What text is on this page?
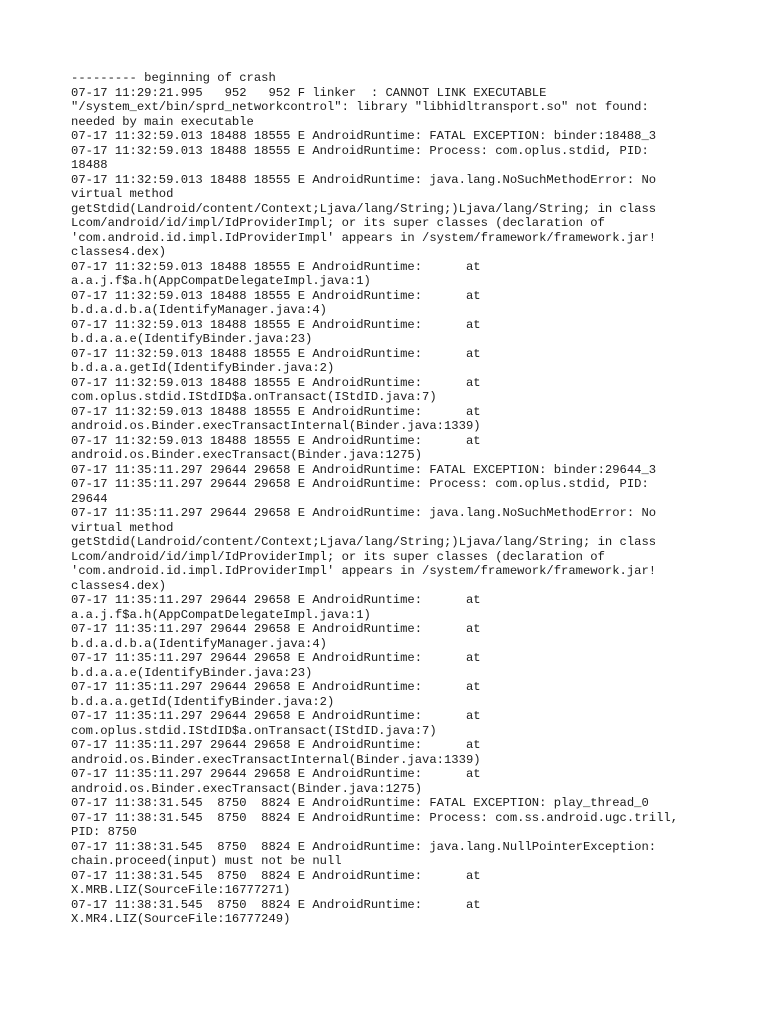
--------- beginning of crash
07-17 11:29:21.995   952   952 F linker  : CANNOT LINK EXECUTABLE
"/system_ext/bin/sprd_networkcontrol": library "libhidltransport.so" not found:
needed by main executable
07-17 11:32:59.013 18488 18555 E AndroidRuntime: FATAL EXCEPTION: binder:18488_3
07-17 11:32:59.013 18488 18555 E AndroidRuntime: Process: com.oplus.stdid, PID:
18488
07-17 11:32:59.013 18488 18555 E AndroidRuntime: java.lang.NoSuchMethodError: No
virtual method
getStdid(Landroid/content/Context;Ljava/lang/String;)Ljava/lang/String; in class
Lcom/android/id/impl/IdProviderImpl; or its super classes (declaration of
'com.android.id.impl.IdProviderImpl' appears in /system/framework/framework.jar!
classes4.dex)
07-17 11:32:59.013 18488 18555 E AndroidRuntime:      at
a.a.j.f$a.h(AppCompatDelegateImpl.java:1)
07-17 11:32:59.013 18488 18555 E AndroidRuntime:      at
b.d.a.d.b.a(IdentifyManager.java:4)
07-17 11:32:59.013 18488 18555 E AndroidRuntime:      at
b.d.a.a.e(IdentifyBinder.java:23)
07-17 11:32:59.013 18488 18555 E AndroidRuntime:      at
b.d.a.a.getId(IdentifyBinder.java:2)
07-17 11:32:59.013 18488 18555 E AndroidRuntime:      at
com.oplus.stdid.IStdID$a.onTransact(IStdID.java:7)
07-17 11:32:59.013 18488 18555 E AndroidRuntime:      at
android.os.Binder.execTransactInternal(Binder.java:1339)
07-17 11:32:59.013 18488 18555 E AndroidRuntime:      at
android.os.Binder.execTransact(Binder.java:1275)
07-17 11:35:11.297 29644 29658 E AndroidRuntime: FATAL EXCEPTION: binder:29644_3
07-17 11:35:11.297 29644 29658 E AndroidRuntime: Process: com.oplus.stdid, PID:
29644
07-17 11:35:11.297 29644 29658 E AndroidRuntime: java.lang.NoSuchMethodError: No
virtual method
getStdid(Landroid/content/Context;Ljava/lang/String;)Ljava/lang/String; in class
Lcom/android/id/impl/IdProviderImpl; or its super classes (declaration of
'com.android.id.impl.IdProviderImpl' appears in /system/framework/framework.jar!
classes4.dex)
07-17 11:35:11.297 29644 29658 E AndroidRuntime:      at
a.a.j.f$a.h(AppCompatDelegateImpl.java:1)
07-17 11:35:11.297 29644 29658 E AndroidRuntime:      at
b.d.a.d.b.a(IdentifyManager.java:4)
07-17 11:35:11.297 29644 29658 E AndroidRuntime:      at
b.d.a.a.e(IdentifyBinder.java:23)
07-17 11:35:11.297 29644 29658 E AndroidRuntime:      at
b.d.a.a.getId(IdentifyBinder.java:2)
07-17 11:35:11.297 29644 29658 E AndroidRuntime:      at
com.oplus.stdid.IStdID$a.onTransact(IStdID.java:7)
07-17 11:35:11.297 29644 29658 E AndroidRuntime:      at
android.os.Binder.execTransactInternal(Binder.java:1339)
07-17 11:35:11.297 29644 29658 E AndroidRuntime:      at
android.os.Binder.execTransact(Binder.java:1275)
07-17 11:38:31.545  8750  8824 E AndroidRuntime: FATAL EXCEPTION: play_thread_0
07-17 11:38:31.545  8750  8824 E AndroidRuntime: Process: com.ss.android.ugc.trill,
PID: 8750
07-17 11:38:31.545  8750  8824 E AndroidRuntime: java.lang.NullPointerException:
chain.proceed(input) must not be null
07-17 11:38:31.545  8750  8824 E AndroidRuntime:      at
X.MRB.LIZ(SourceFile:16777271)
07-17 11:38:31.545  8750  8824 E AndroidRuntime:      at
X.MR4.LIZ(SourceFile:16777249)
